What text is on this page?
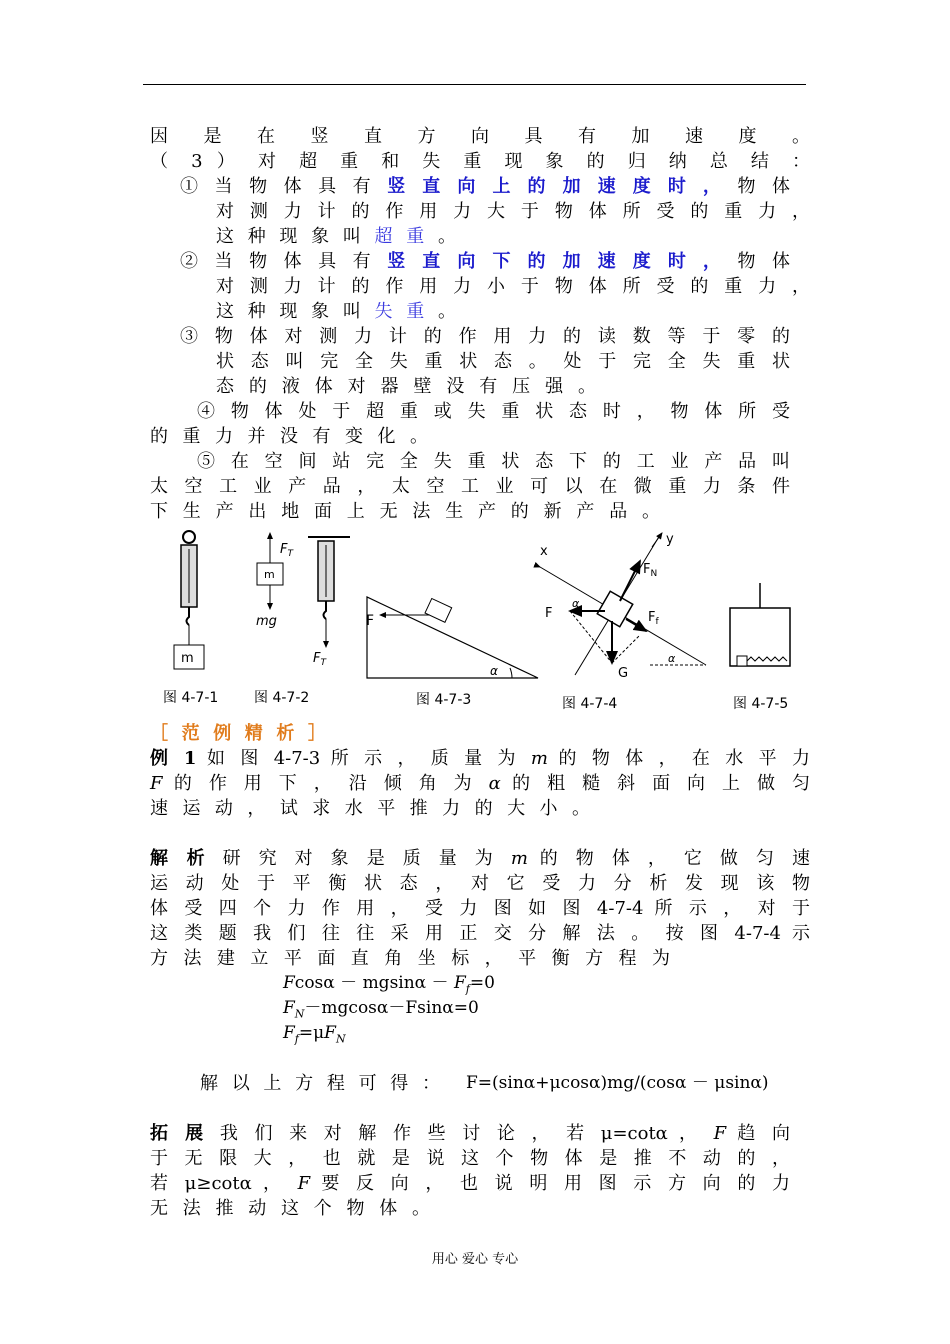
因 是 在 竖 直 方 向 具 有 加 速 度 。
（ 3 ） 对 超 重 和 失 重 现 象 的 归 纳 总 结 ：
① 当 物 体 具 有 竖 直 向 上 的 加 速 度 时 ， 物 体
对 测 力 计 的 作 用 力 大 于 物 体 所 受 的 重 力 ，
这 种 现 象 叫 超 重 。
② 当 物 体 具 有 竖 直 向 下 的 加 速 度 时 ， 物 体
对 测 力 计 的 作 用 力 小 于 物 体 所 受 的 重 力 ，
这 种 现 象 叫 失 重 。
③ 物 体 对 测 力 计 的 作 用 力 的 读 数 等 于 零 的
状 态 叫 完 全 失 重 状 态 。 处 于 完 全 失 重 状
态 的 液 体 对 器 壁 没 有 压 强 。
④ 物 体 处 于 超 重 或 失 重 状 态 时 ， 物 体 所 受
的 重 力 并 没 有 变 化 。
⑤ 在 空 间 站 完 全 失 重 状 态 下 的 工 业 产 品 叫
太 空 工 业 产 品 ， 太 空 工 业 可 以 在 微 重 力 条 件
下 生 产 出 地 面 上 无 法 生 产 的 新 产 品 。
m
m
$F_T$
mg
$F_T$
F
α
x
y
$F_N$
F	$F_f$
G
α
α
图 4-7-1	图 4-7-2	图 4-7-3	图 4-7-4	图 4-7-5
［ 范 例 精 析 ］
例 1 如 图 4-7-3 所 示 ， 质 量 为 m 的 物 体 ， 在 水 平 力
F 的 作 用 下 ， 沿 倾 角 为 α 的 粗 糙 斜 面 向 上 做 匀
速 运 动 ， 试 求 水 平 推 力 的 大 小 。
解 析 研 究 对 象 是 质 量 为 m 的 物 体 ， 它 做 匀 速
运 动 处 于 平 衡 状 态 ， 对 它 受 力 分 析 发 现 该 物
体 受 四 个 力 作 用 ， 受 力 图 如 图 4-7-4 所 示 ， 对 于
这 类 题 我 们 往 往 采 用 正 交 分 解 法 。 按 图 4-7-4 示
方 法 建 立 平 面 直 角 坐 标 ， 平 衡 方 程 为
$Fcos\alpha - mgsin\alpha - F_f=0$
$F_N-mgcos\alpha-Fsin\alpha=0$
$F_f=\mu F_N$
解 以 上 方 程 可 得 ： F=(sinα+μcosα)mg/(cosα － μsinα)
拓 展 我 们 来 对 解 作 些 讨 论 ， 若 μ=cotα ， F 趋 向
于 无 限 大 ， 也 就 是 说 这 个 物 体 是 推 不 动 的 ，
若 μ≥cotα ， F 要 反 向 ， 也 说 明 用 图 示 方 向 的 力
无 法 推 动 这 个 物 体 。
用心 爱心 专心
